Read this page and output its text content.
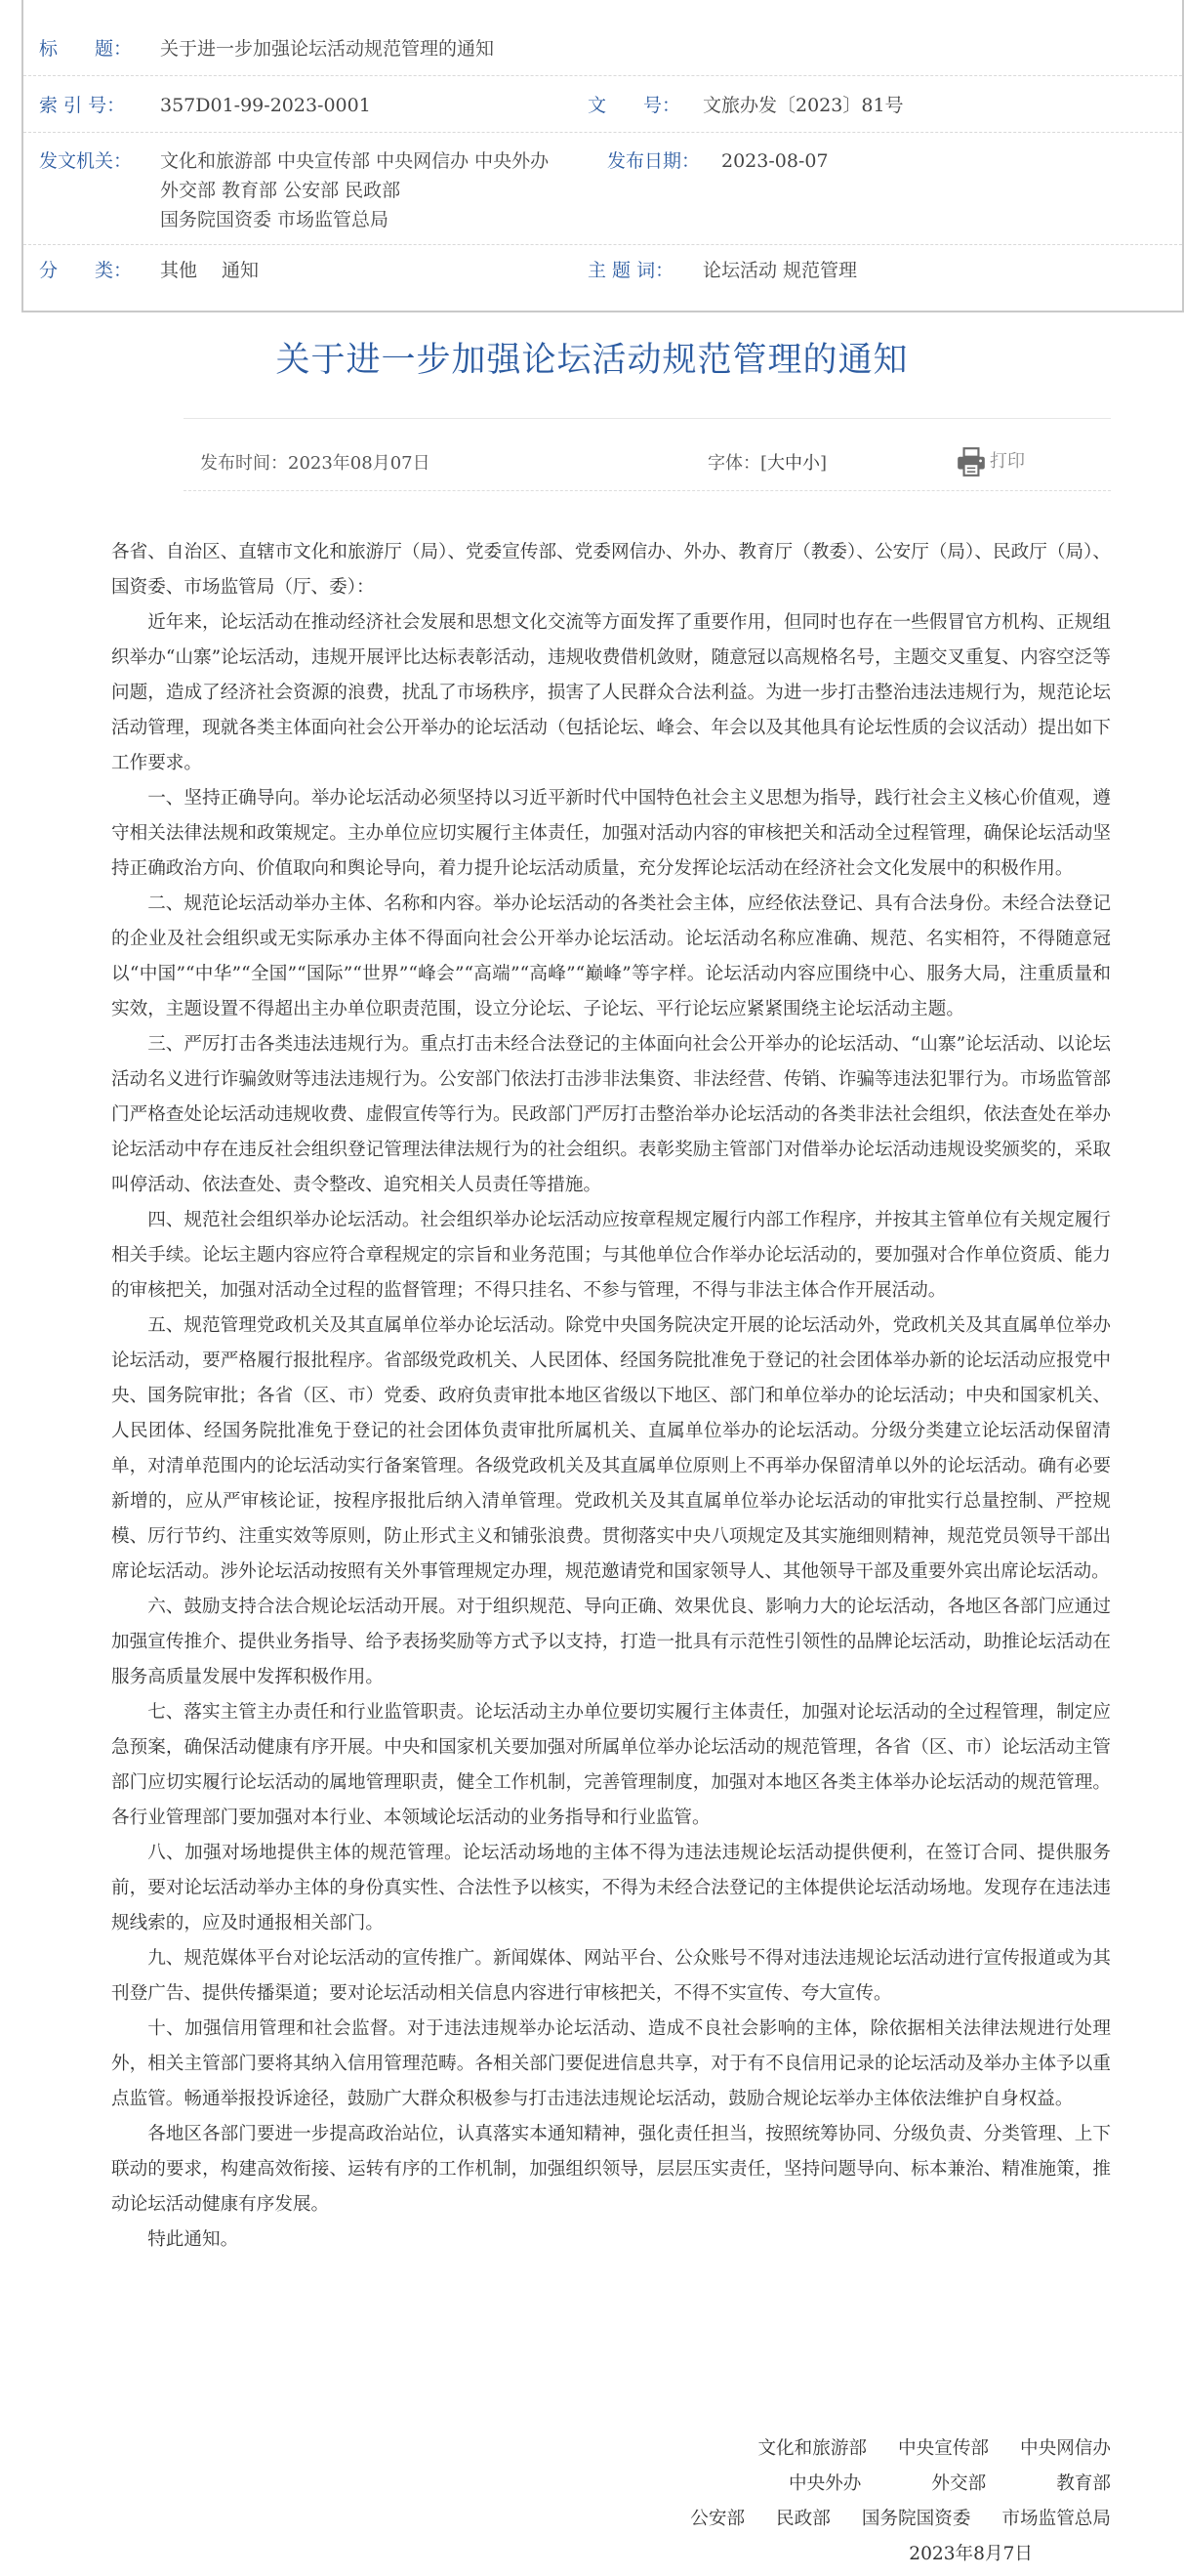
标　　题： 关于进一步加强论坛活动规范管理的通知
索 引 号： 357D01-99-2023-0001	文　　号： 文旅办发〔2023〕81号
发文机关： 文化和旅游部 中央宣传部 中央网信办 中央外办
外交部 教育部 公安部 民政部
国务院国资委 市场监管总局
发布日期： 2023-08-07
分　　类： 其他　 通知	主 题 词： 论坛活动 规范管理
关于进一步加强论坛活动规范管理的通知
发布时间：2023年08月07日	字体：[大中小]	打印

各省、自治区、直辖市文化和旅游厅（局）、党委宣传部、党委网信办、外办、教育厅（教委）、公安厅（局）、民政厅（局）、国资委、市场监管局（厅、委）：

近年来，论坛活动在推动经济社会发展和思想文化交流等方面发挥了重要作用，但同时也存在一些假冒官方机构、正规组织举办“山寨”论坛活动，违规开展评比达标表彰活动，违规收费借机敛财，随意冠以高规格名号，主题交叉重复、内容空泛等问题，造成了经济社会资源的浪费，扰乱了市场秩序，损害了人民群众合法利益。为进一步打击整治违法违规行为，规范论坛活动管理，现就各类主体面向社会公开举办的论坛活动（包括论坛、峰会、年会以及其他具有论坛性质的会议活动）提出如下工作要求。

一、坚持正确导向。举办论坛活动必须坚持以习近平新时代中国特色社会主义思想为指导，践行社会主义核心价值观，遵守相关法律法规和政策规定。主办单位应切实履行主体责任，加强对活动内容的审核把关和活动全过程管理，确保论坛活动坚持正确政治方向、价值取向和舆论导向，着力提升论坛活动质量，充分发挥论坛活动在经济社会文化发展中的积极作用。

二、规范论坛活动举办主体、名称和内容。举办论坛活动的各类社会主体，应经依法登记、具有合法身份。未经合法登记的企业及社会组织或无实际承办主体不得面向社会公开举办论坛活动。论坛活动名称应准确、规范、名实相符，不得随意冠以“中国”“中华”“全国”“国际”“世界”“峰会”“高端”“高峰”“巅峰”等字样。论坛活动内容应围绕中心、服务大局，注重质量和实效，主题设置不得超出主办单位职责范围，设立分论坛、子论坛、平行论坛应紧紧围绕主论坛活动主题。

三、严厉打击各类违法违规行为。重点打击未经合法登记的主体面向社会公开举办的论坛活动、“山寨”论坛活动、以论坛活动名义进行诈骗敛财等违法违规行为。公安部门依法打击涉非法集资、非法经营、传销、诈骗等违法犯罪行为。市场监管部门严格查处论坛活动违规收费、虚假宣传等行为。民政部门严厉打击整治举办论坛活动的各类非法社会组织，依法查处在举办论坛活动中存在违反社会组织登记管理法律法规行为的社会组织。表彰奖励主管部门对借举办论坛活动违规设奖颁奖的，采取叫停活动、依法查处、责令整改、追究相关人员责任等措施。

四、规范社会组织举办论坛活动。社会组织举办论坛活动应按章程规定履行内部工作程序，并按其主管单位有关规定履行相关手续。论坛主题内容应符合章程规定的宗旨和业务范围；与其他单位合作举办论坛活动的，要加强对合作单位资质、能力的审核把关，加强对活动全过程的监督管理；不得只挂名、不参与管理，不得与非法主体合作开展活动。

五、规范管理党政机关及其直属单位举办论坛活动。除党中央国务院决定开展的论坛活动外，党政机关及其直属单位举办论坛活动，要严格履行报批程序。省部级党政机关、人民团体、经国务院批准免于登记的社会团体举办新的论坛活动应报党中央、国务院审批；各省（区、市）党委、政府负责审批本地区省级以下地区、部门和单位举办的论坛活动；中央和国家机关、人民团体、经国务院批准免于登记的社会团体负责审批所属机关、直属单位举办的论坛活动。分级分类建立论坛活动保留清单，对清单范围内的论坛活动实行备案管理。各级党政机关及其直属单位原则上不再举办保留清单以外的论坛活动。确有必要新增的，应从严审核论证，按程序报批后纳入清单管理。党政机关及其直属单位举办论坛活动的审批实行总量控制、严控规模、厉行节约、注重实效等原则，防止形式主义和铺张浪费。贯彻落实中央八项规定及其实施细则精神，规范党员领导干部出席论坛活动。涉外论坛活动按照有关外事管理规定办理，规范邀请党和国家领导人、其他领导干部及重要外宾出席论坛活动。

六、鼓励支持合法合规论坛活动开展。对于组织规范、导向正确、效果优良、影响力大的论坛活动，各地区各部门应通过加强宣传推介、提供业务指导、给予表扬奖励等方式予以支持，打造一批具有示范性引领性的品牌论坛活动，助推论坛活动在服务高质量发展中发挥积极作用。

七、落实主管主办责任和行业监管职责。论坛活动主办单位要切实履行主体责任，加强对论坛活动的全过程管理，制定应急预案，确保活动健康有序开展。中央和国家机关要加强对所属单位举办论坛活动的规范管理，各省（区、市）论坛活动主管部门应切实履行论坛活动的属地管理职责，健全工作机制，完善管理制度，加强对本地区各类主体举办论坛活动的规范管理。各行业管理部门要加强对本行业、本领域论坛活动的业务指导和行业监管。

八、加强对场地提供主体的规范管理。论坛活动场地的主体不得为违法违规论坛活动提供便利，在签订合同、提供服务前，要对论坛活动举办主体的身份真实性、合法性予以核实，不得为未经合法登记的主体提供论坛活动场地。发现存在违法违规线索的，应及时通报相关部门。

九、规范媒体平台对论坛活动的宣传推广。新闻媒体、网站平台、公众账号不得对违法违规论坛活动进行宣传报道或为其刊登广告、提供传播渠道；要对论坛活动相关信息内容进行审核把关，不得不实宣传、夸大宣传。

十、加强信用管理和社会监督。对于违法违规举办论坛活动、造成不良社会影响的主体，除依据相关法律法规进行处理外，相关主管部门要将其纳入信用管理范畴。各相关部门要促进信息共享，对于有不良信用记录的论坛活动及举办主体予以重点监管。畅通举报投诉途径，鼓励广大群众积极参与打击违法违规论坛活动，鼓励合规论坛举办主体依法维护自身权益。

各地区各部门要进一步提高政治站位，认真落实本通知精神，强化责任担当，按照统筹协同、分级负责、分类管理、上下联动的要求，构建高效衔接、运转有序的工作机制，加强组织领导，层层压实责任，坚持问题导向、标本兼治、精准施策，推动论坛活动健康有序发展。

特此通知。

文化和旅游部 中央宣传部 中央网信办
中央外办	外交部	教育部
公安部 民政部 国务院国资委 市场监管总局
2023年8月7日
